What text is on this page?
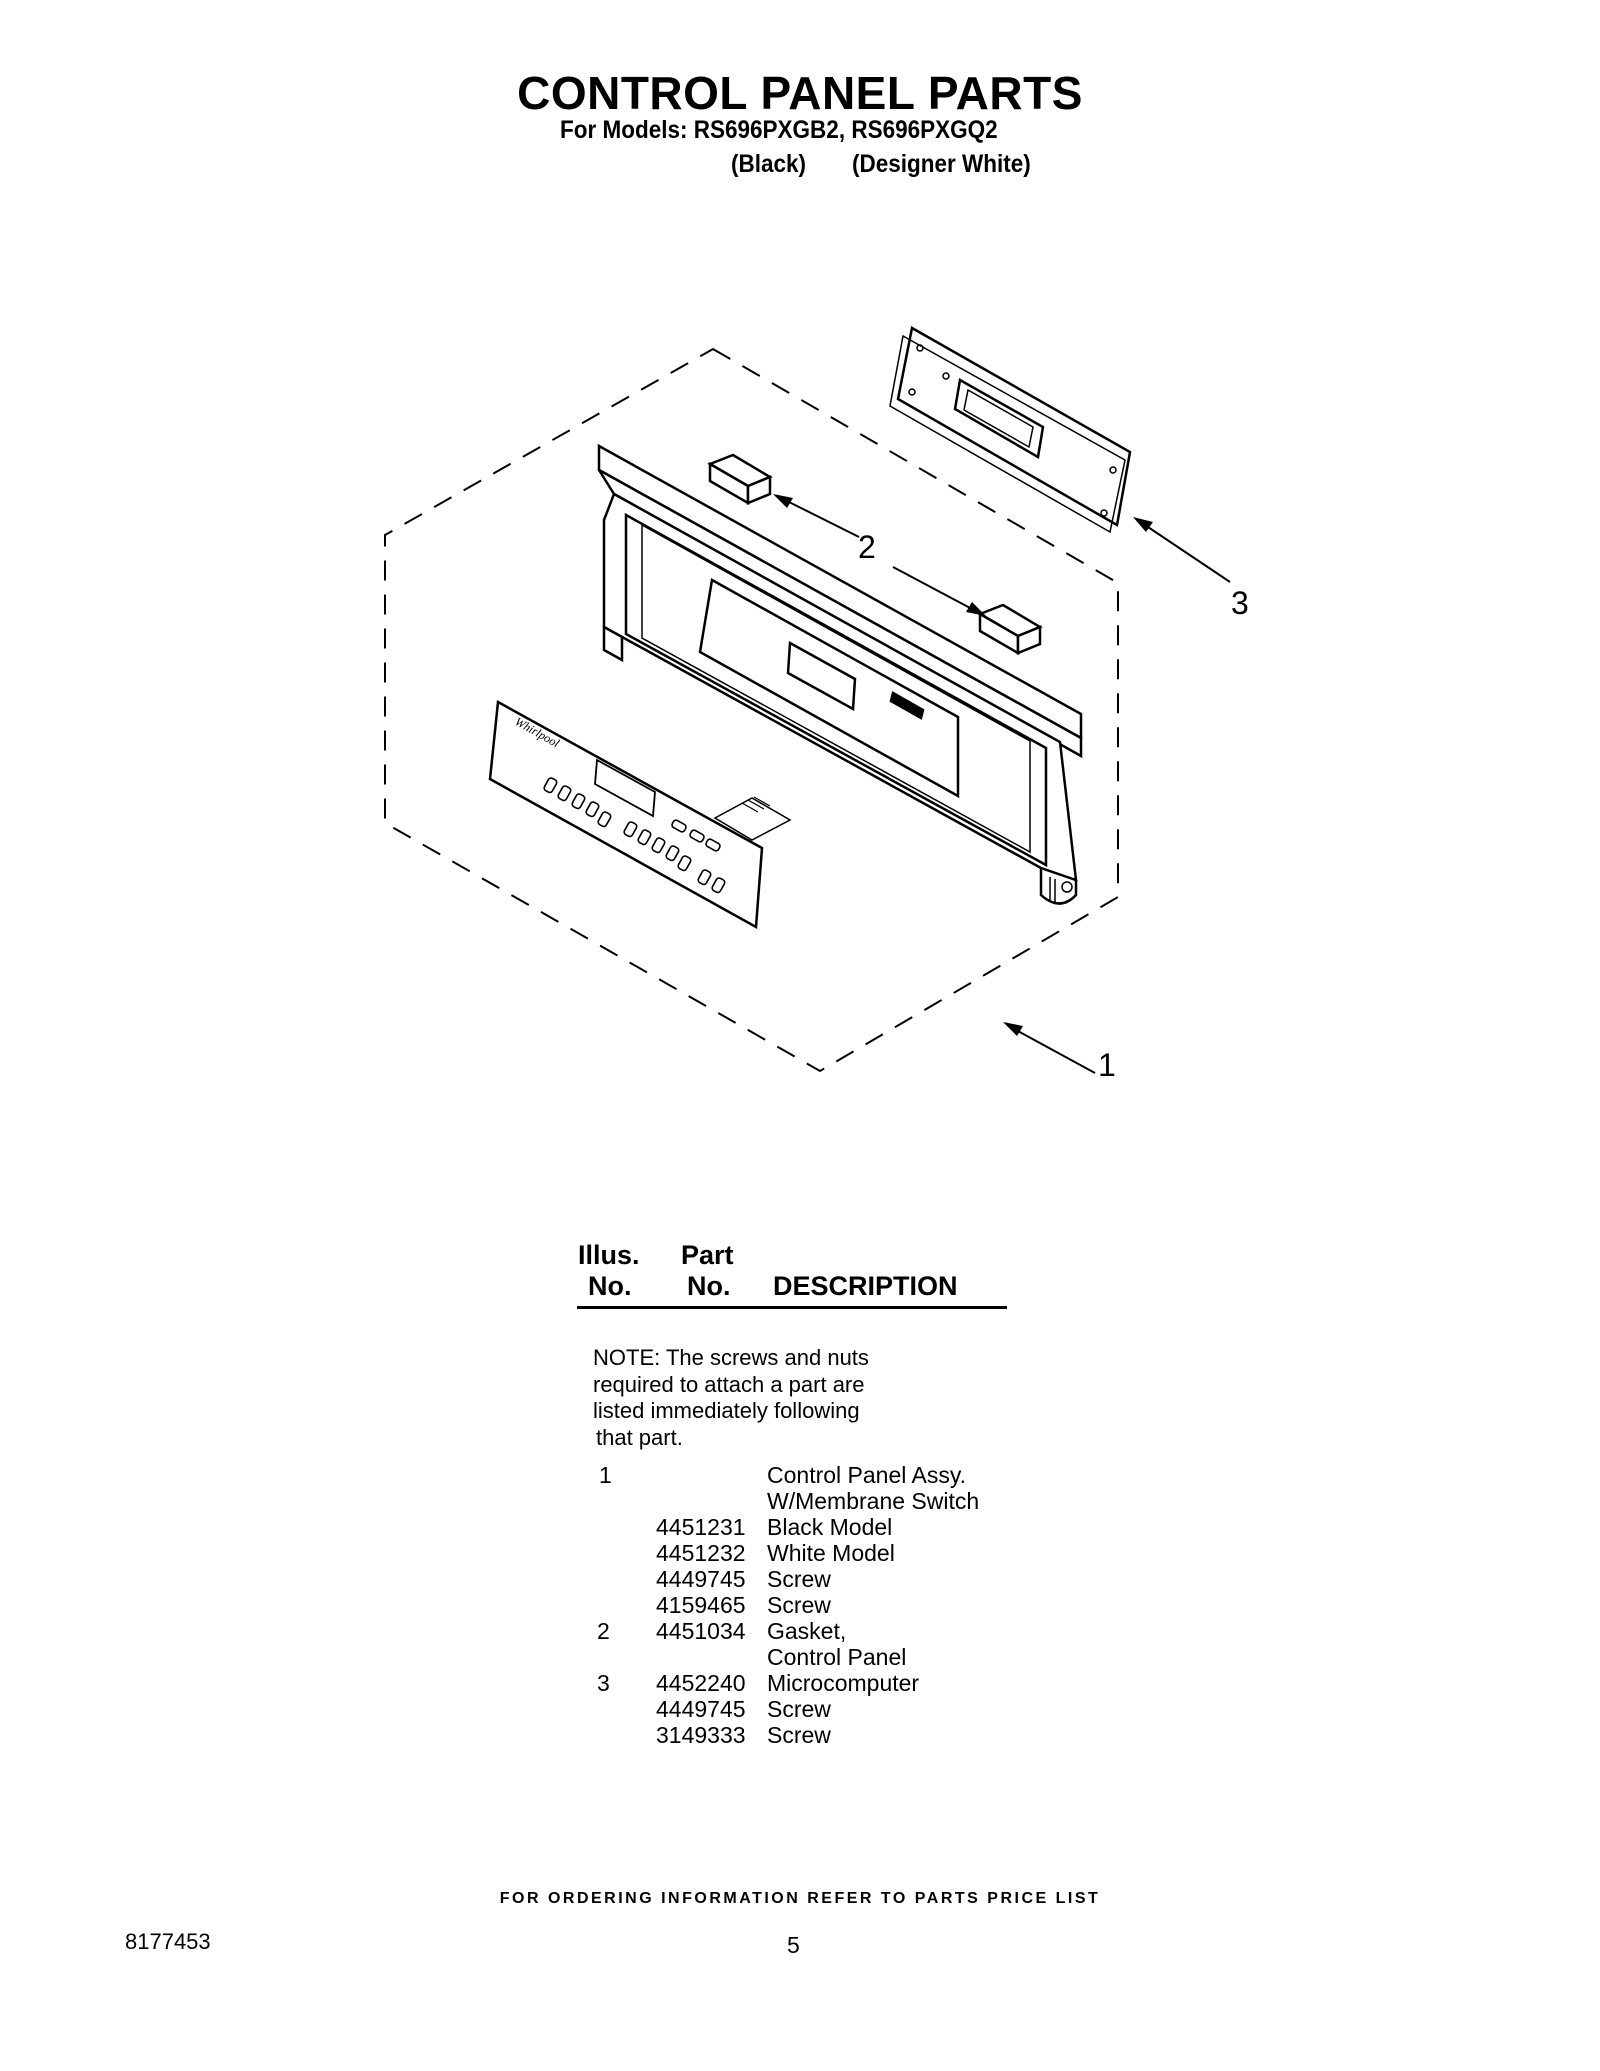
CONTROL PANEL PARTS
For Models: RS696PXGB2, RS696PXGQ2
(Black) (Designer White)
Whirlpool
2
3
1
Illus.
No.
Part
No. DESCRIPTION
NOTE: The screws and nuts
required to attach a part are
listed immediately following
that part.
1	Control Panel Assy.
W/Membrane Switch
4451231 Black Model
4451232 White Model
4449745 Screw
4159465 Screw
2 4451034 Gasket,
Control Panel
3 4452240 Microcomputer
4449745 Screw
3149333 Screw
FOR ORDERING INFORMATION REFER TO PARTS PRICE LIST
8177453	5
